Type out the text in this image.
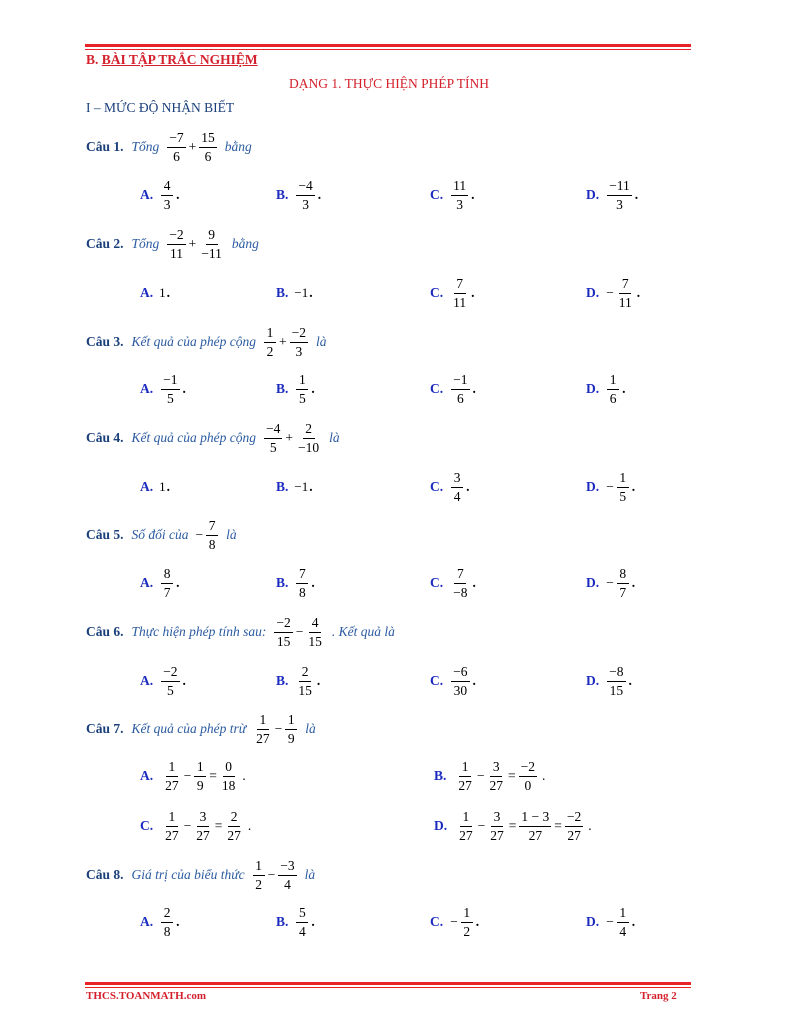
B. BÀI TẬP TRẮC NGHIỆM
DẠNG 1. THỰC HIỆN PHÉP TÍNH
I – MỨC ĐỘ NHẬN BIẾT
Câu 1. Tổng $\frac{-7}{6} + \frac{15}{6}$ bằng
A. $\frac{4}{3}$ .	B. $\frac{-4}{3}$ .	C. $\frac{11}{3}$ .	D. $\frac{-11}{3}$ .
Câu 2. Tổng $\frac{-2}{11} + \frac{9}{-11}$ bằng
A. 1 .	B. −1 .	C. $\frac{7}{11}$ .	D. − $\frac{7}{11}$ .
Câu 3. Kết quả của phép cộng $\frac{1}{2} + \frac{-2}{3}$ là
A. $\frac{-1}{5}$ .	B. $\frac{1}{5}$ .	C. $\frac{-1}{6}$ .	D. $\frac{1}{6}$ .
Câu 4. Kết quả của phép cộng $\frac{-4}{5} + \frac{2}{-10}$ là
A. 1 .	B. −1 .	C. $\frac{3}{4}$ .	D. − $\frac{1}{5}$ .
Câu 5. Số đối của − $\frac{7}{8}$ là
A. $\frac{8}{7}$ .	B. $\frac{7}{8}$ .	C. $\frac{7}{-8}$ .	D. − $\frac{8}{7}$ .
Câu 6. Thực hiện phép tính sau: $\frac{-2}{15} - \frac{4}{15}$ . Kết quả là
A. $\frac{-2}{5}$ .	B. $\frac{2}{15}$ .	C. $\frac{-6}{30}$ .	D. $\frac{-8}{15}$ .
Câu 7. Kết quả của phép trừ $\frac{1}{27} - \frac{1}{9}$ là
A. $\frac{1}{27} - \frac{1}{9} = \frac{0}{18}$ .	B. $\frac{1}{27} - \frac{3}{27} = \frac{-2}{0}$ .
C. $\frac{1}{27} - \frac{3}{27} = \frac{2}{27}$ .	D. $\frac{1}{27} - \frac{3}{27} = \frac{1 - 3}{27} = \frac{-2}{27}$ .
Câu 8. Giá trị của biểu thức $\frac{1}{2} - \frac{-3}{4}$ là
A. $\frac{2}{8}$ .	B. $\frac{5}{4}$ .	C. − $\frac{1}{2}$ .	D. − $\frac{1}{4}$ .
THCS.TOANMATH.com	Trang 2
